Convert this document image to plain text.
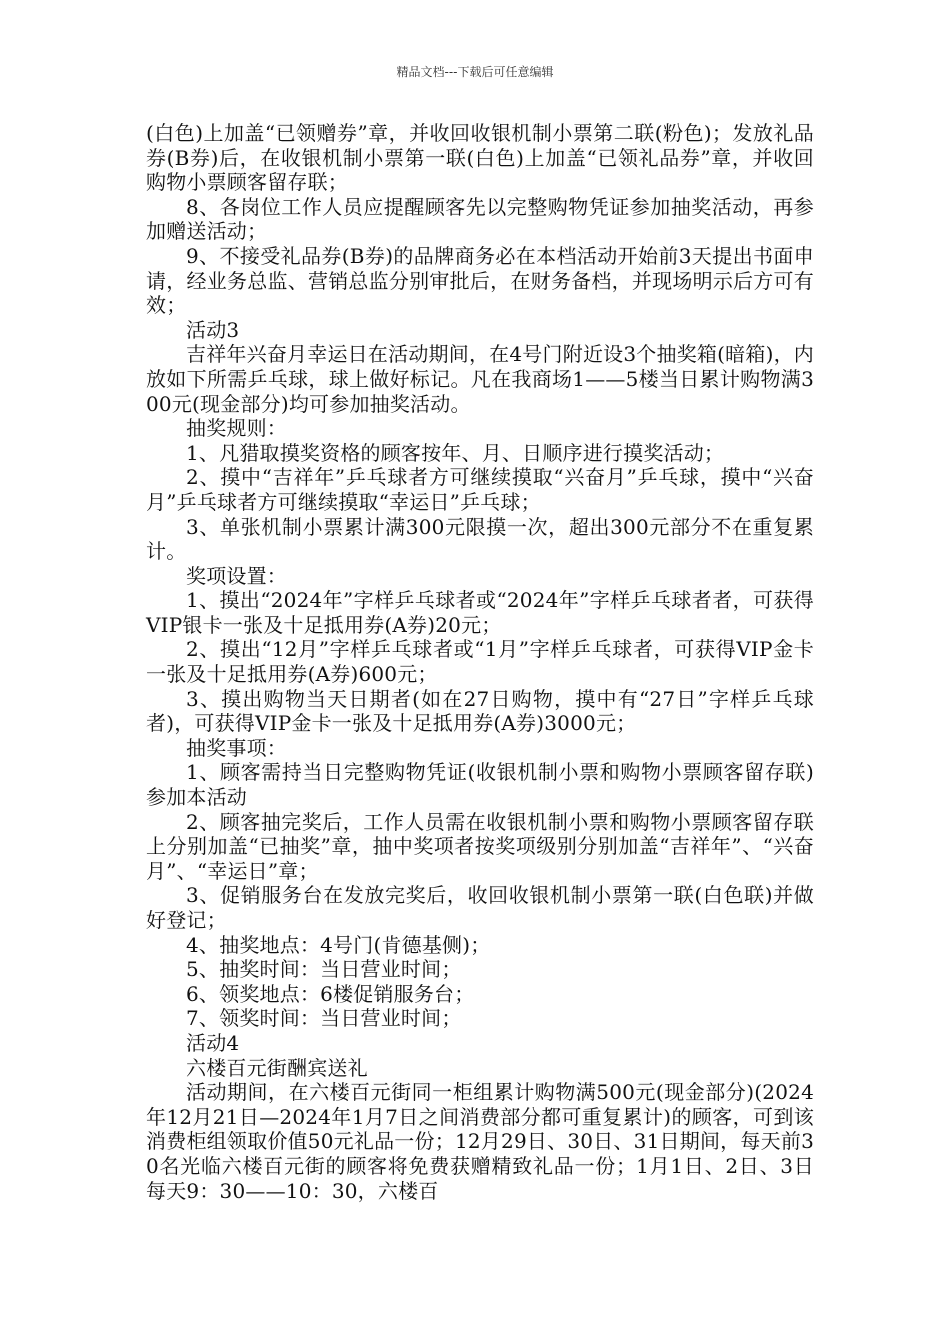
精品文档---下载后可任意编辑

(白色)上加盖“已领赠券”章，并收回收银机制小票第二联(粉色)；发放礼品券(B券)后，在收银机制小票第一联(白色)上加盖“已领礼品券”章，并收回购物小票顾客留存联；

8、各岗位工作人员应提醒顾客先以完整购物凭证参加抽奖活动，再参加赠送活动；

9、不接受礼品券(B券)的品牌商务必在本档活动开始前3天提出书面申请，经业务总监、营销总监分别审批后，在财务备档，并现场明示后方可有效；

活动3

吉祥年兴奋月幸运日在活动期间，在4号门附近设3个抽奖箱(暗箱)，内放如下所需乒乓球，球上做好标记。凡在我商场1——5楼当日累计购物满300元(现金部分)均可参加抽奖活动。

抽奖规则：

1、凡猎取摸奖资格的顾客按年、月、日顺序进行摸奖活动；

2、摸中“吉祥年”乒乓球者方可继续摸取“兴奋月”乒乓球，摸中“兴奋月”乒乓球者方可继续摸取“幸运日”乒乓球；

3、单张机制小票累计满300元限摸一次，超出300元部分不在重复累计。

奖项设置：

1、摸出“2024年”字样乒乓球者或“2024年”字样乒乓球者者，可获得VIP银卡一张及十足抵用券(A券)20元；

2、摸出“12月”字样乒乓球者或“1月”字样乒乓球者，可获得VIP金卡一张及十足抵用券(A券)600元；

3、摸出购物当天日期者(如在27日购物，摸中有“27日”字样乒乓球者)，可获得VIP金卡一张及十足抵用券(A券)3000元；

抽奖事项：

1、顾客需持当日完整购物凭证(收银机制小票和购物小票顾客留存联)参加本活动

2、顾客抽完奖后，工作人员需在收银机制小票和购物小票顾客留存联上分别加盖“已抽奖”章，抽中奖项者按奖项级别分别加盖“吉祥年”、“兴奋月”、“幸运日”章；

3、促销服务台在发放完奖后，收回收银机制小票第一联(白色联)并做好登记；

4、抽奖地点：4号门(肯德基侧)；

5、抽奖时间：当日营业时间；

6、领奖地点：6楼促销服务台；

7、领奖时间：当日营业时间；

活动4

六楼百元街酬宾送礼

活动期间，在六楼百元街同一柜组累计购物满500元(现金部分)(2024年12月21日—2024年1月7日之间消费部分都可重复累计)的顾客，可到该消费柜组领取价值50元礼品一份；12月29日、30日、31日期间，每天前30名光临六楼百元街的顾客将免费获赠精致礼品一份；1月1日、2日、3日每天9：30——10：30，六楼百
